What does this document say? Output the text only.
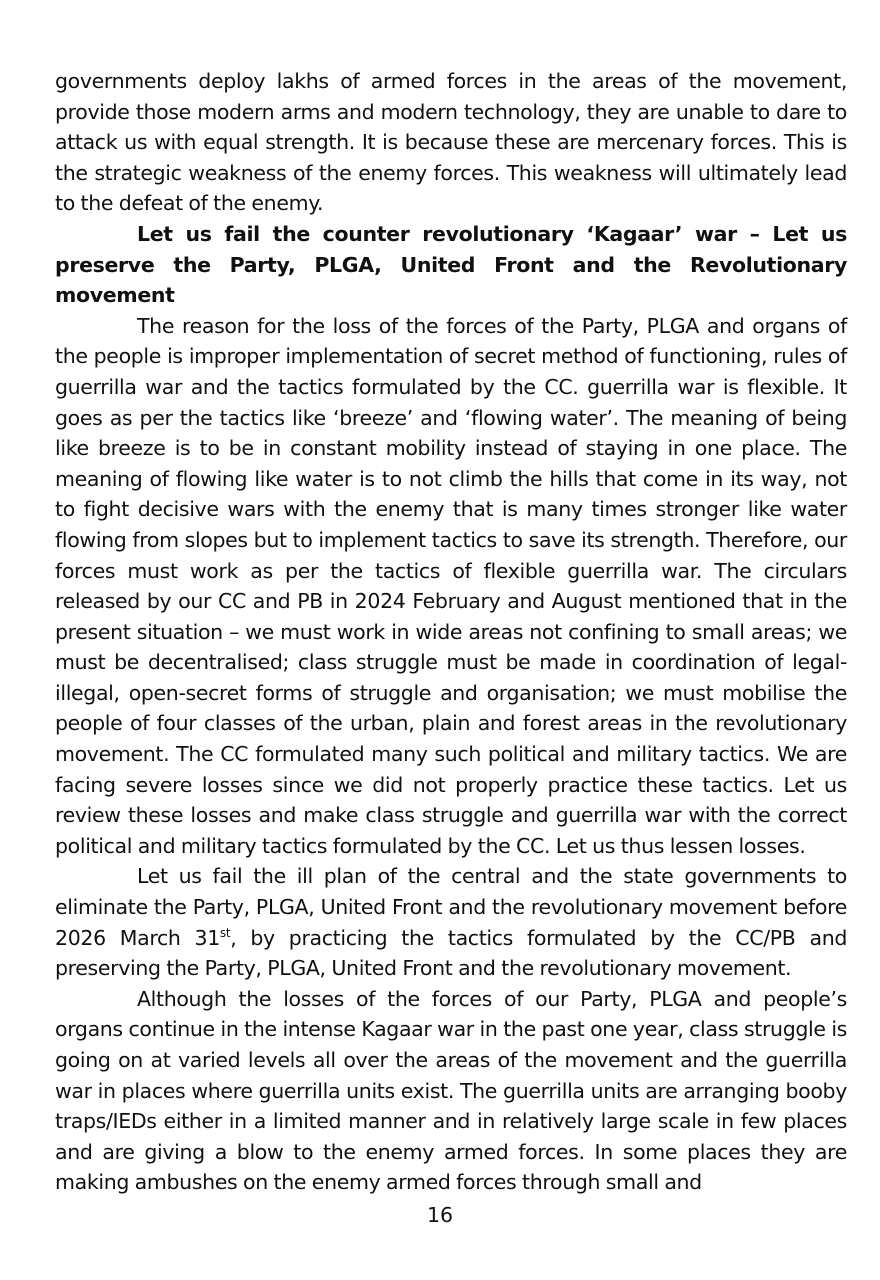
governments deploy lakhs of armed forces in the areas of the movement, provide those modern arms and modern technology, they are unable to dare to attack us with equal strength. It is because these are mercenary forces. This is the strategic weakness of the enemy forces. This weakness will ultimately lead to the defeat of the enemy.

Let us fail the counter revolutionary ‘Kagaar’ war – Let us preserve the Party, PLGA, United Front and the Revolutionary movement

The reason for the loss of the forces of the Party, PLGA and organs of the people is improper implementation of secret method of functioning, rules of guerrilla war and the tactics formulated by the CC. guerrilla war is flexible. It goes as per the tactics like ‘breeze’ and ‘flowing water’. The meaning of being like breeze is to be in constant mobility instead of staying in one place. The meaning of flowing like water is to not climb the hills that come in its way, not to fight decisive wars with the enemy that is many times stronger like water flowing from slopes but to implement tactics to save its strength. Therefore, our forces must work as per the tactics of flexible guerrilla war. The circulars released by our CC and PB in 2024 February and August mentioned that in the present situation – we must work in wide areas not confining to small areas; we must be decentralised; class struggle must be made in coordination of legal-illegal, open-secret forms of struggle and organisation; we must mobilise the people of four classes of the urban, plain and forest areas in the revolutionary movement. The CC formulated many such political and military tactics. We are facing severe losses since we did not properly practice these tactics. Let us review these losses and make class struggle and guerrilla war with the correct political and military tactics formulated by the CC. Let us thus lessen losses.

Let us fail the ill plan of the central and the state governments to eliminate the Party, PLGA, United Front and the revolutionary movement before 2026 March 31st, by practicing the tactics formulated by the CC/PB and preserving the Party, PLGA, United Front and the revolutionary movement.

Although the losses of the forces of our Party, PLGA and people’s organs continue in the intense Kagaar war in the past one year, class struggle is going on at varied levels all over the areas of the movement and the guerrilla war in places where guerrilla units exist. The guerrilla units are arranging booby traps/IEDs either in a limited manner and in relatively large scale in few places and are giving a blow to the enemy armed forces. In some places they are making ambushes on the enemy armed forces through small and

16
